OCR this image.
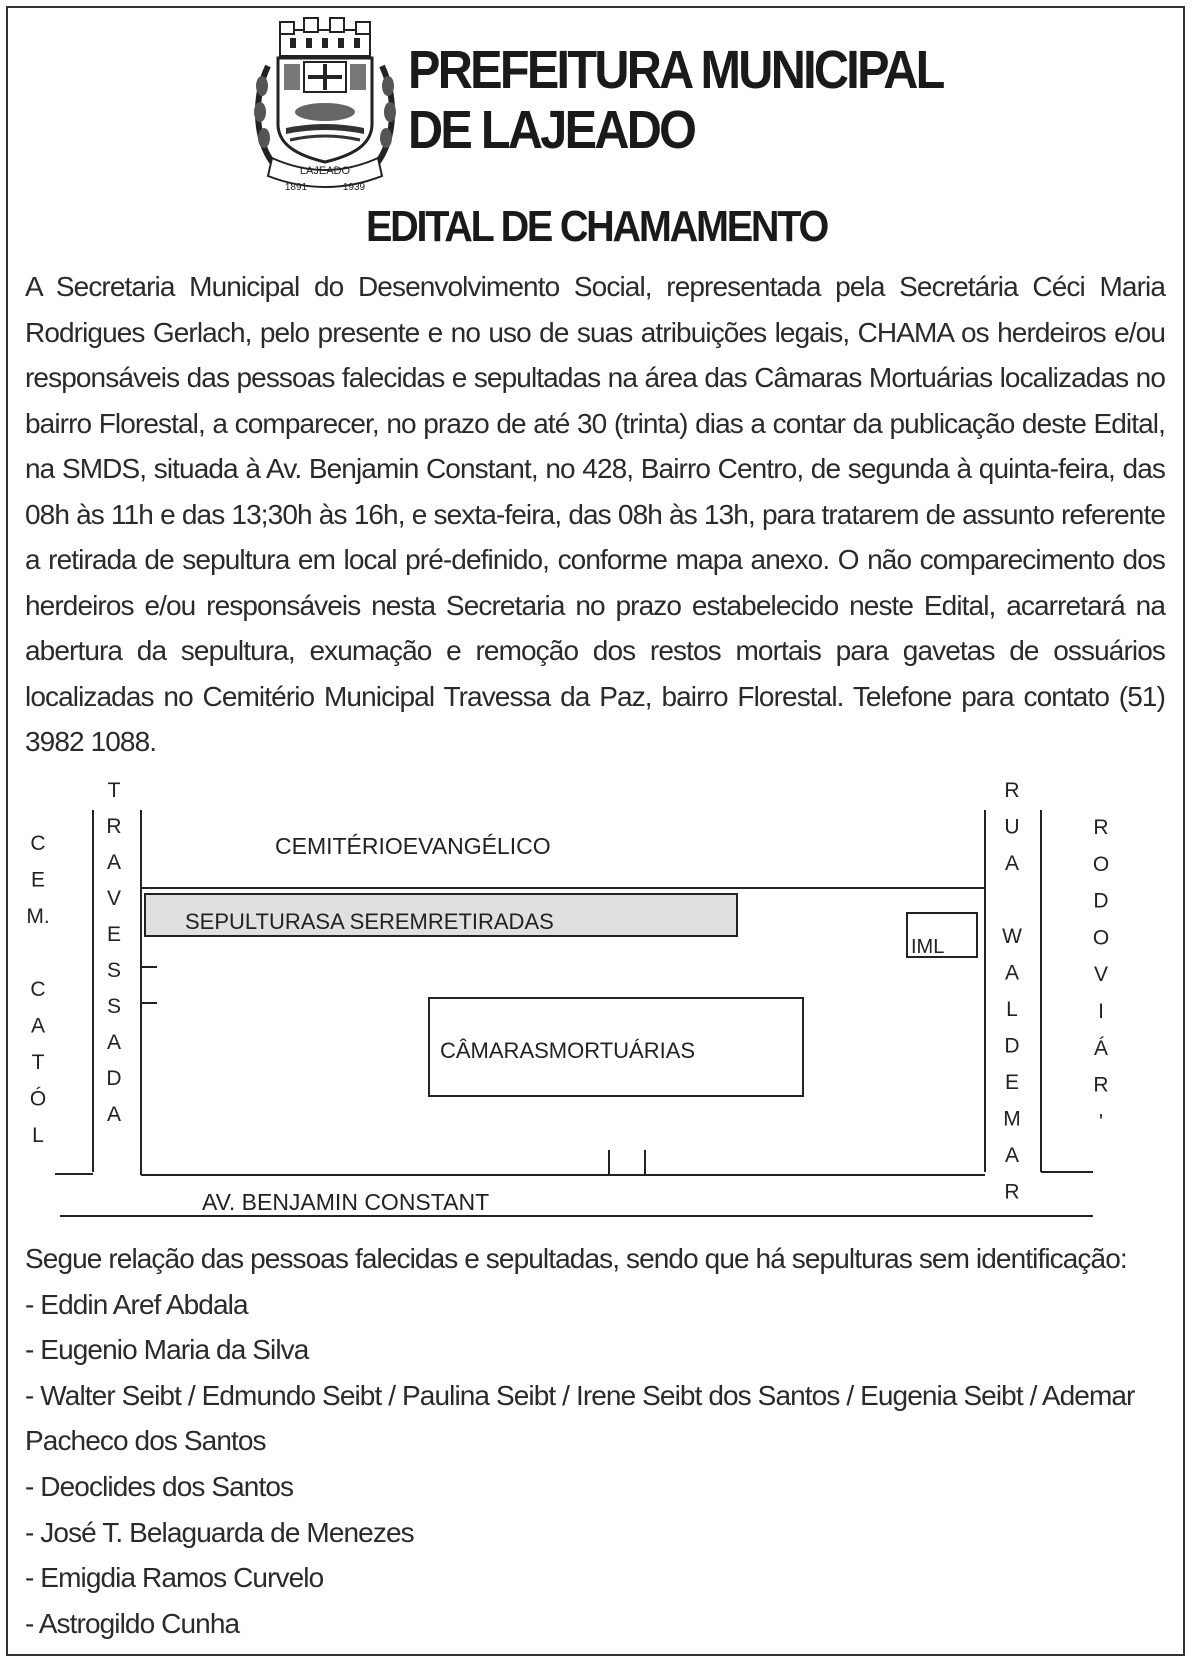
LAJEADO
1891	1939
PREFEITURA MUNICIPAL
DE LAJEADO
EDITAL DE CHAMAMENTO

A Secretaria Municipal do Desenvolvimento Social, representada pela Secretária Céci Maria Rodrigues Gerlach, pelo presente e no uso de suas atribuições legais, CHAMA os herdeiros e/ou responsáveis das pessoas falecidas e sepultadas na área das Câmaras Mortuárias localizadas no bairro Florestal, a comparecer, no prazo de até 30 (trinta) dias a contar da publicação deste Edital, na SMDS, situada à Av. Benjamin Constant, no 428, Bairro Centro, de segunda à quinta-feira, das 08h às 11h e das 13;30h às 16h, e sexta-feira, das 08h às 13h, para tratarem de assunto referente a retirada de sepultura em local pré-definido, conforme mapa anexo. O não comparecimento dos herdeiros e/ou responsáveis nesta Secretaria no prazo estabelecido neste Edital, acarretará na abertura da sepultura, exumação e remoção dos restos mortais para gavetas de ossuários localizadas no Cemitério Municipal Travessa da Paz, bairro Florestal. Telefone para contato (51) 3982 1088.

CEMITÉRIOEVANGÉLICO
SEPULTURASA SEREMRETIRADAS
IML
CÂMARASMORTUÁRIAS
AV. BENJAMIN CONSTANT
C
E
M.
C
A
T
Ó
L
T
R
A
V
E
S
S
A
D
A
R
U
A
W
A
L
D
E
M
A
R
R
O
D
O
V
I
Á
R
'

Segue relação das pessoas falecidas e sepultadas, sendo que há sepulturas sem identificação:

- Eddin Aref Abdala
- Eugenio Maria da Silva
- Walter Seibt / Edmundo Seibt / Paulina Seibt / Irene Seibt dos Santos / Eugenia Seibt / Ademar Pacheco dos Santos
- Deoclides dos Santos
- José T. Belaguarda de Menezes
- Emigdia Ramos Curvelo
- Astrogildo Cunha
